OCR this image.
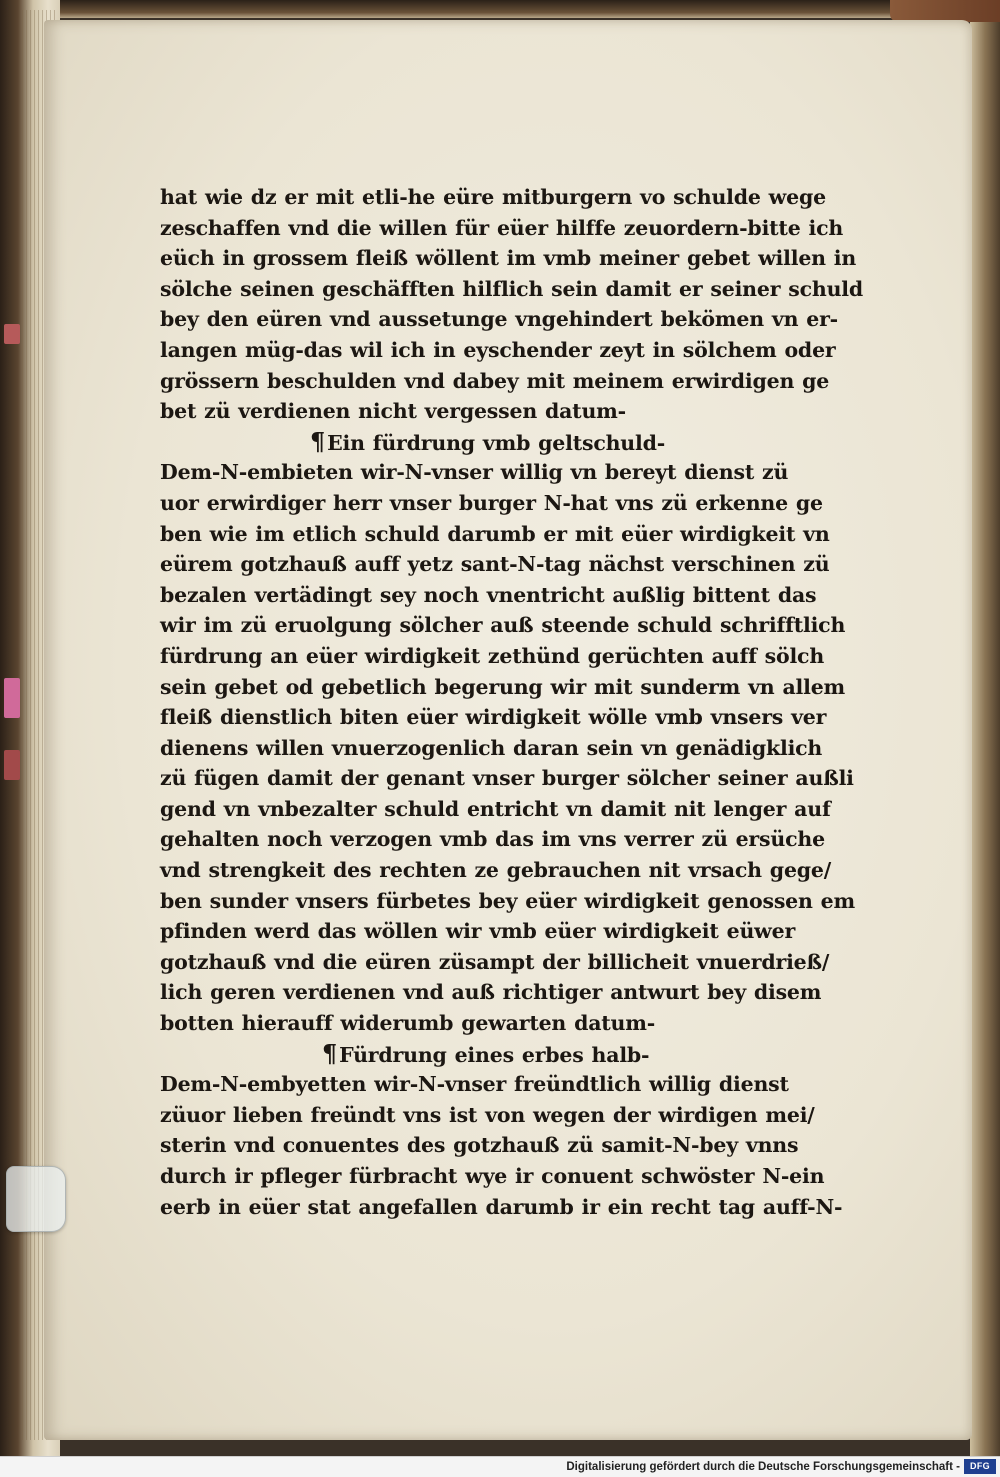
hat wie dz er mit etli-he eüre mitburgern vo schulde wege
zeschaffen vnd die willen für eüer hilffe zeuordern-bitte ich
eüch in grossem fleiß wöllent im vmb meiner gebet willen in
sölche seinen geschäfften hilflich sein damit er seiner schuld
bey den eüren vnd aussetunge vngehindert bekömen vn er-
langen müg-das wil ich in eyschender zeyt in sölchem oder
grössern beschulden vnd dabey mit meinem erwirdigen ge
bet zü verdienen nicht vergessen datum-
¶Ein fürdrung vmb geltschuld-
Dem-N-embieten wir-N-vnser willig vn bereyt dienst zü
uor erwirdiger herr vnser burger N-hat vns zü erkenne ge
ben wie im etlich schuld darumb er mit eüer wirdigkeit vn
eürem gotzhauß auff yetz sant-N-tag nächst verschinen zü
bezalen vertädingt sey noch vnentricht außlig bittent das
wir im zü eruolgung sölcher auß steende schuld schrifftlich
fürdrung an eüer wirdigkeit zethünd gerüchten auff sölch
sein gebet od gebetlich begerung wir mit sunderm vn allem
fleiß dienstlich biten eüer wirdigkeit wölle vmb vnsers ver
dienens willen vnuerzogenlich daran sein vn genädigklich
zü fügen damit der genant vnser burger sölcher seiner außli
gend vn vnbezalter schuld entricht vn damit nit lenger auf
gehalten noch verzogen vmb das im vns verrer zü ersüche
vnd strengkeit des rechten ze gebrauchen nit vrsach gege/
ben sunder vnsers fürbetes bey eüer wirdigkeit genossen em
pfinden werd das wöllen wir vmb eüer wirdigkeit eüwer
gotzhauß vnd die eüren züsampt der billicheit vnuerdrieß/
lich geren verdienen vnd auß richtiger antwurt bey disem
botten hierauff widerumb gewarten datum-
¶Fürdrung eines erbes halb-
Dem-N-embyetten wir-N-vnser freündtlich willig dienst
züuor lieben freündt vns ist von wegen der wirdigen mei/
sterin vnd conuentes des gotzhauß zü samit-N-bey vnns
durch ir pfleger fürbracht wye ir conuent schwöster N-ein
eerb in eüer stat angefallen darumb ir ein recht tag auff-N-
Digitalisierung gefördert durch die Deutsche Forschungsgemeinschaft -	DFG
